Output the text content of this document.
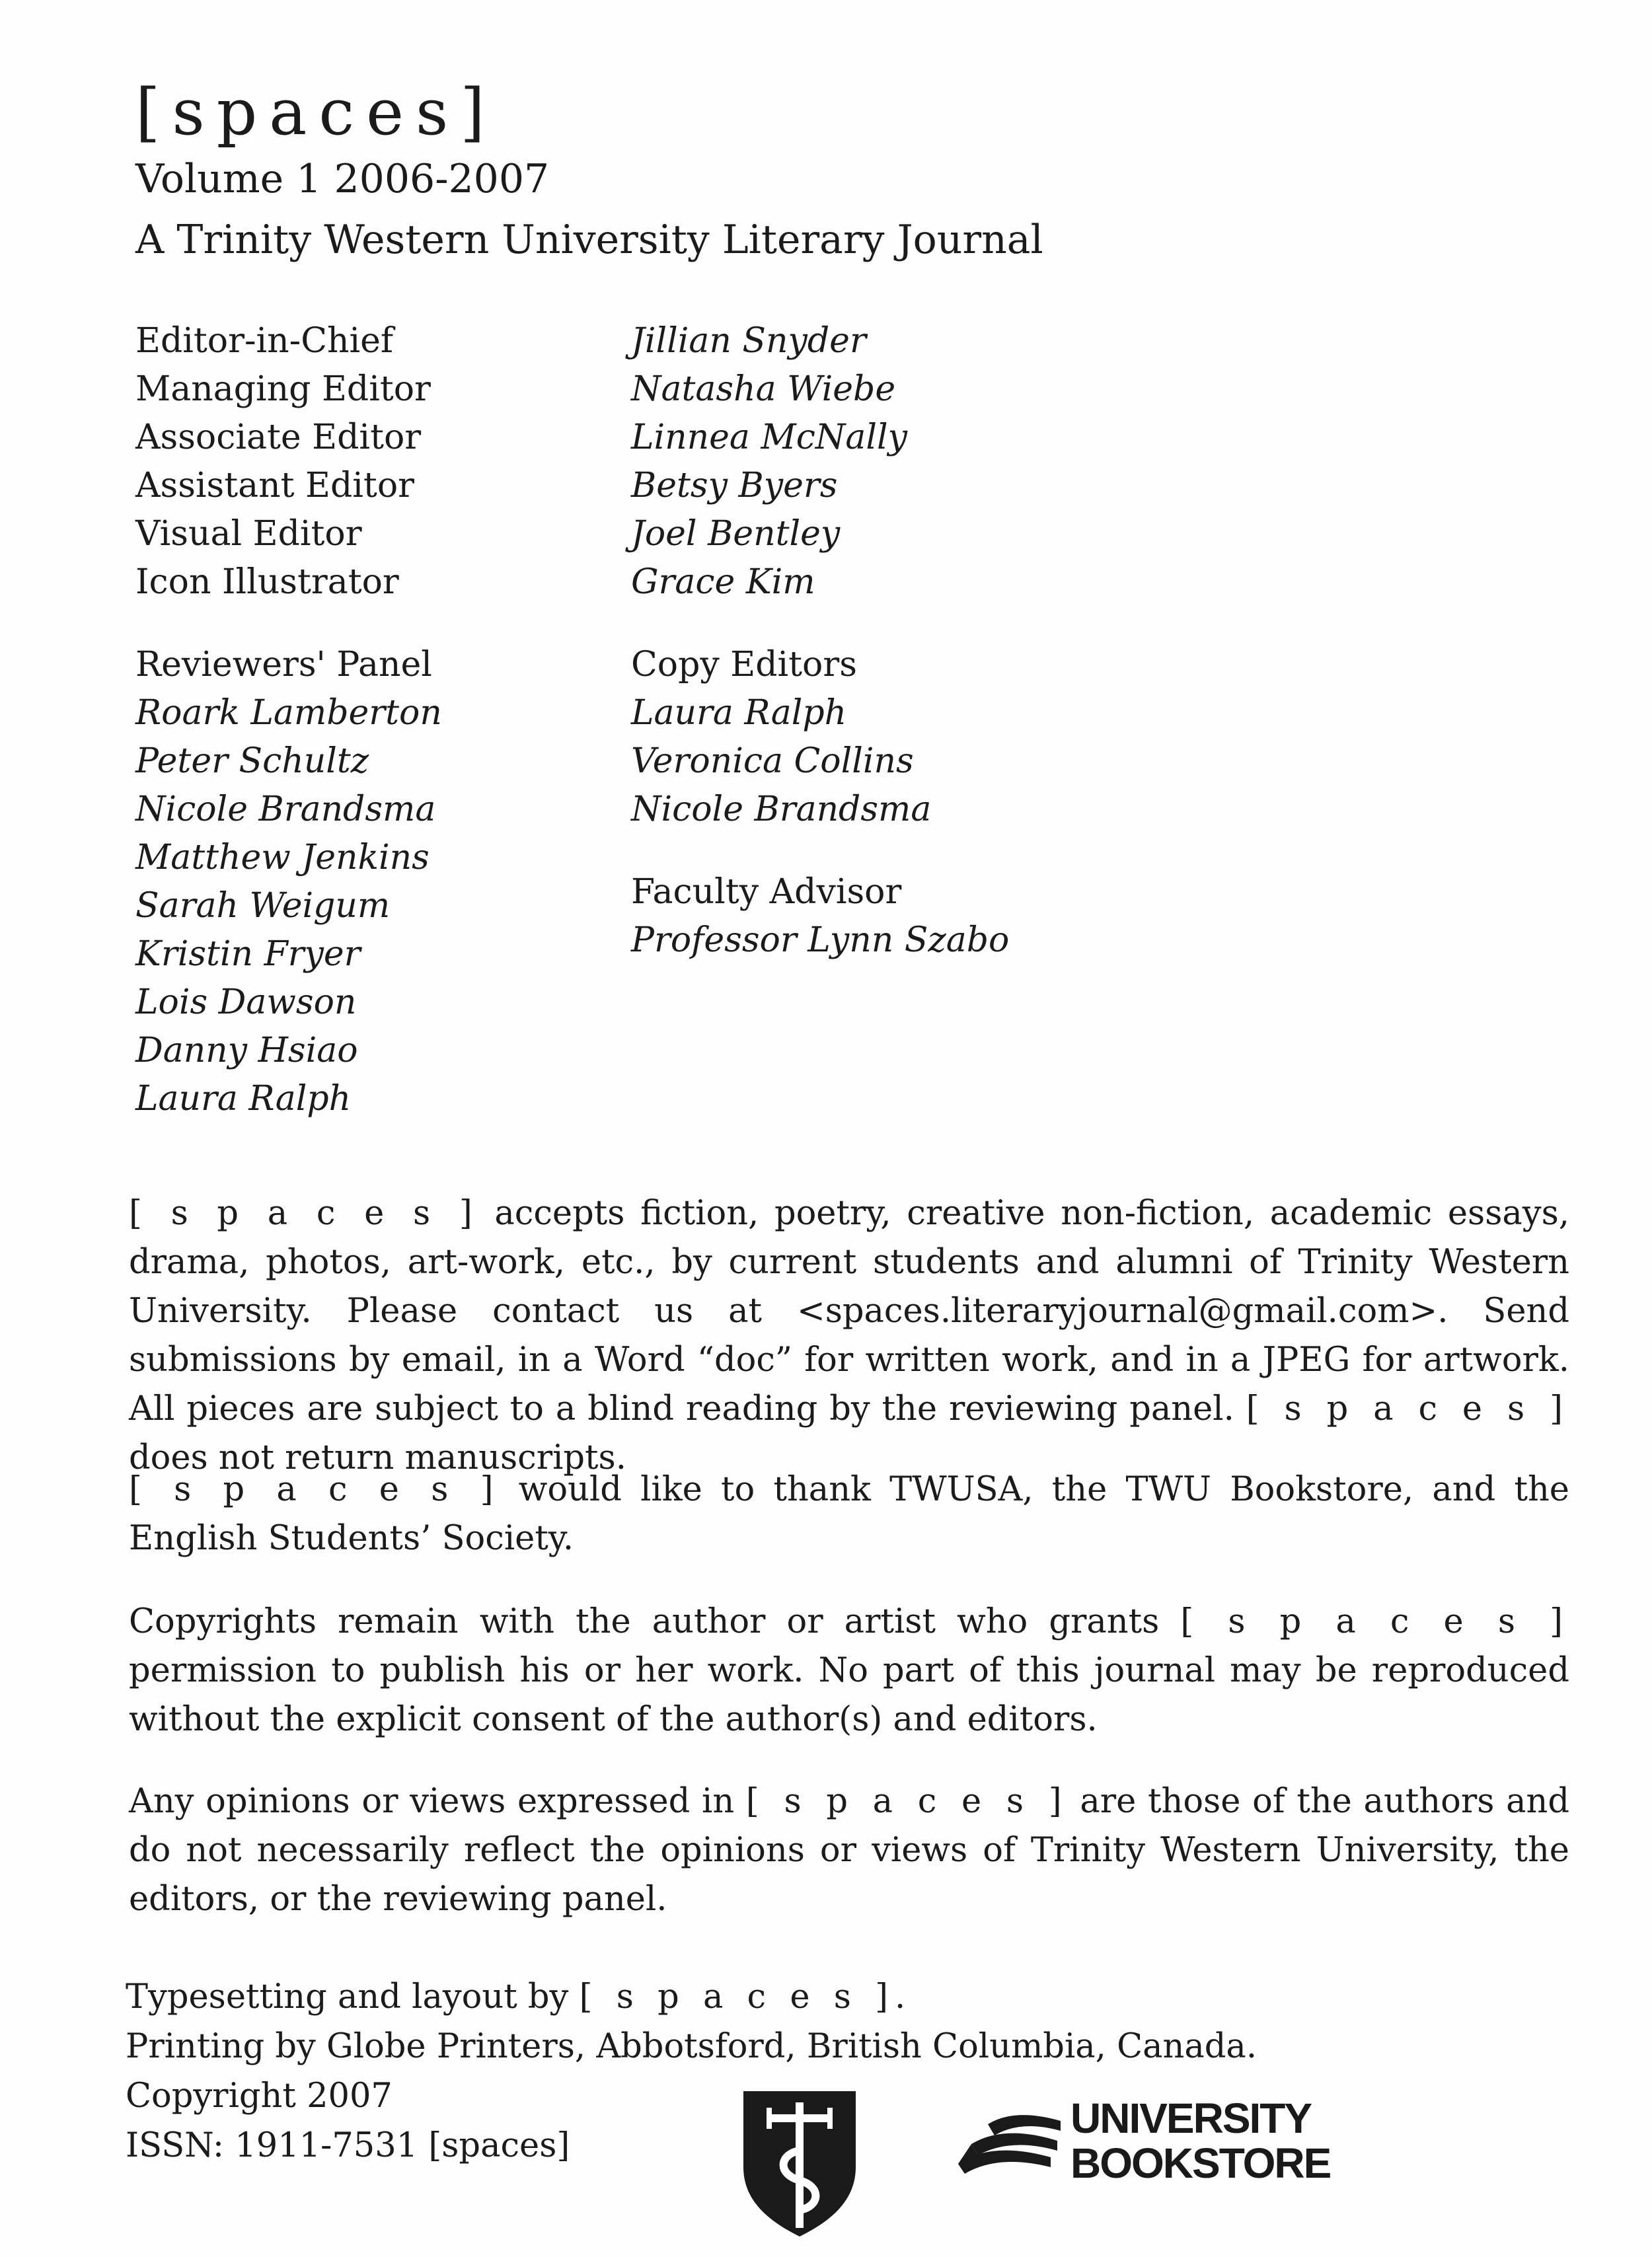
[spaces]

Volume 1 2006-2007

A Trinity Western University Literary Journal

Editor-in-Chief
Managing Editor
Associate Editor
Assistant Editor
Visual Editor
Icon Illustrator
Reviewers' Panel
Roark Lamberton
Peter Schultz
Nicole Brandsma
Matthew Jenkins
Sarah Weigum
Kristin Fryer
Lois Dawson
Danny Hsiao
Laura Ralph
Jillian Snyder
Natasha Wiebe
Linnea McNally
Betsy Byers
Joel Bentley
Grace Kim
Copy Editors
Laura Ralph
Veronica Collins
Nicole Brandsma
Faculty Advisor
Professor Lynn Szabo

[ s p a c e s ] accepts fiction, poetry, creative non-fiction, academic essays, drama, photos, art-work, etc., by current students and alumni of Trinity Western University. Please contact us at <spaces.literaryjournal@gmail.com>. Send submissions by email, in a Word “doc” for written work, and in a JPEG for artwork. All pieces are subject to a blind reading by the reviewing panel. [ s p a c e s ] does not return manuscripts.

[ s p a c e s ] would like to thank TWUSA, the TWU Bookstore, and the English Students’ Society.

Copyrights remain with the author or artist who grants [ s p a c e s ] permission to publish his or her work. No part of this journal may be reproduced without the explicit consent of the author(s) and editors.

Any opinions or views expressed in [ s p a c e s ] are those of the authors and do not necessarily reflect the opinions or views of Trinity Western University, the editors, or the reviewing panel.

Typesetting and layout by [ s p a c e s ].
Printing by Globe Printers, Abbotsford, British Columbia, Canada.
Copyright 2007
ISSN: 1911-7531 [spaces]
UNIVERSITY
BOOKSTORE
